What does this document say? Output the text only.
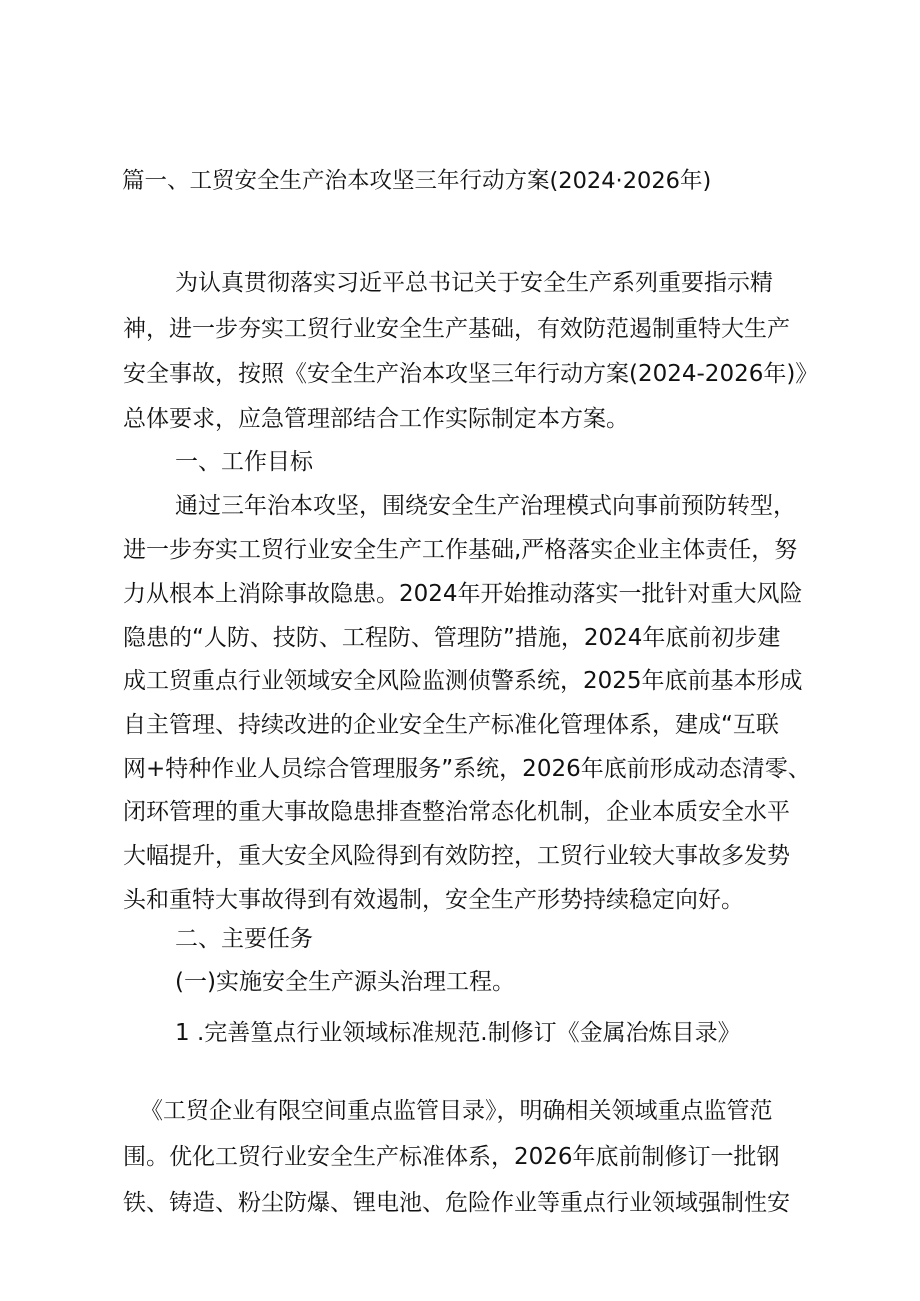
篇一、工贸安全生产治本攻坚三年行动方案(2024·2026年)
为认真贯彻落实习近平总书记关于安全生产系列重要指示精
神，进一步夯实工贸行业安全生产基础，有效防范遏制重特大生产
安全事故，按照《安全生产治本攻坚三年行动方案(2024-2026年)》
总体要求，应急管理部结合工作实际制定本方案。
一、工作目标
通过三年治本攻坚，围绕安全生产治理模式向事前预防转型，
进一步夯实工贸行业安全生产工作基础,严格落实企业主体责任，努
力从根本上消除事故隐患。2024年开始推动落实一批针对重大风险
隐患的“人防、技防、工程防、管理防”措施，2024年底前初步建
成工贸重点行业领域安全风险监测侦警系统，2025年底前基本形成
自主管理、持续改进的企业安全生产标准化管理体系，建成“互联
网+特种作业人员综合管理服务”系统，2026年底前形成动态清零、
闭环管理的重大事故隐患排查整治常态化机制，企业本质安全水平
大幅提升，重大安全风险得到有效防控，工贸行业较大事故多发势
头和重特大事故得到有效遏制，安全生产形势持续稳定向好。
二、主要任务
(一)实施安全生产源头治理工程。
1 .完善篁点行业领域标准规范.制修订《金属冶炼目录》
《工贸企业有限空间重点监管目录》，明确相关领域重点监管范
围。优化工贸行业安全生产标准体系，2026年底前制修订一批钢
铁、铸造、粉尘防爆、锂电池、危险作业等重点行业领域强制性安
